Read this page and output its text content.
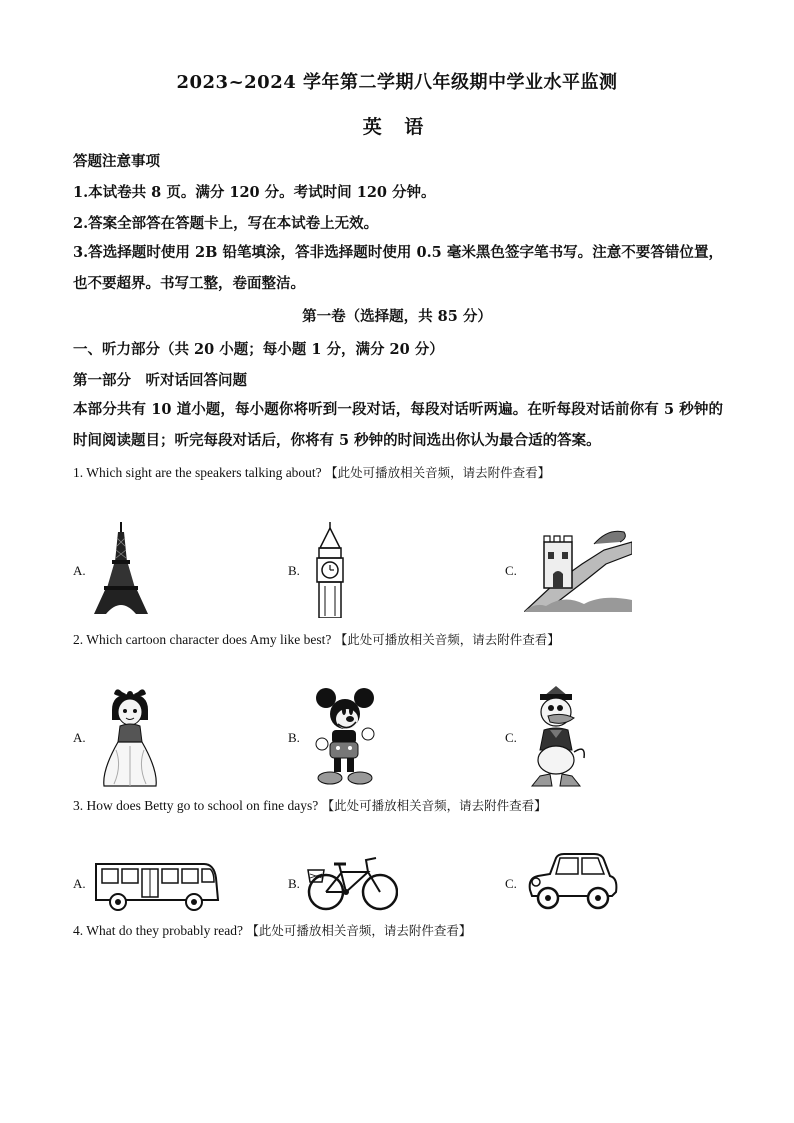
2023~2024 学年第二学期八年级期中学业水平监测
英 语
答题注意事项
1.本试卷共 8 页。满分 120 分。考试时间 120 分钟。
2.答案全部答在答题卡上，写在本试卷上无效。
3.答选择题时使用 2B 铅笔填涂，答非选择题时使用 0.5 毫米黑色签字笔书写。注意不要答错位置，也不要超界。书写工整，卷面整洁。
第一卷（选择题，共 85 分）
一、听力部分（共 20 小题；每小题 1 分，满分 20 分）
第一部分　听对话回答问题
本部分共有 10 道小题，每小题你将听到一段对话，每段对话听两遍。在听每段对话前你有 5 秒钟的时间阅读题目；听完每段对话后，你将有 5 秒钟的时间选出你认为最合适的答案。
1. Which sight are the speakers talking about? 【此处可播放相关音频，请去附件查看】
A.	B.	C.
2. Which cartoon character does Amy like best? 【此处可播放相关音频，请去附件查看】
A.	B.	C.
3. How does Betty go to school on fine days? 【此处可播放相关音频，请去附件查看】
A.	B.	C.
4. What do they probably read? 【此处可播放相关音频，请去附件查看】
